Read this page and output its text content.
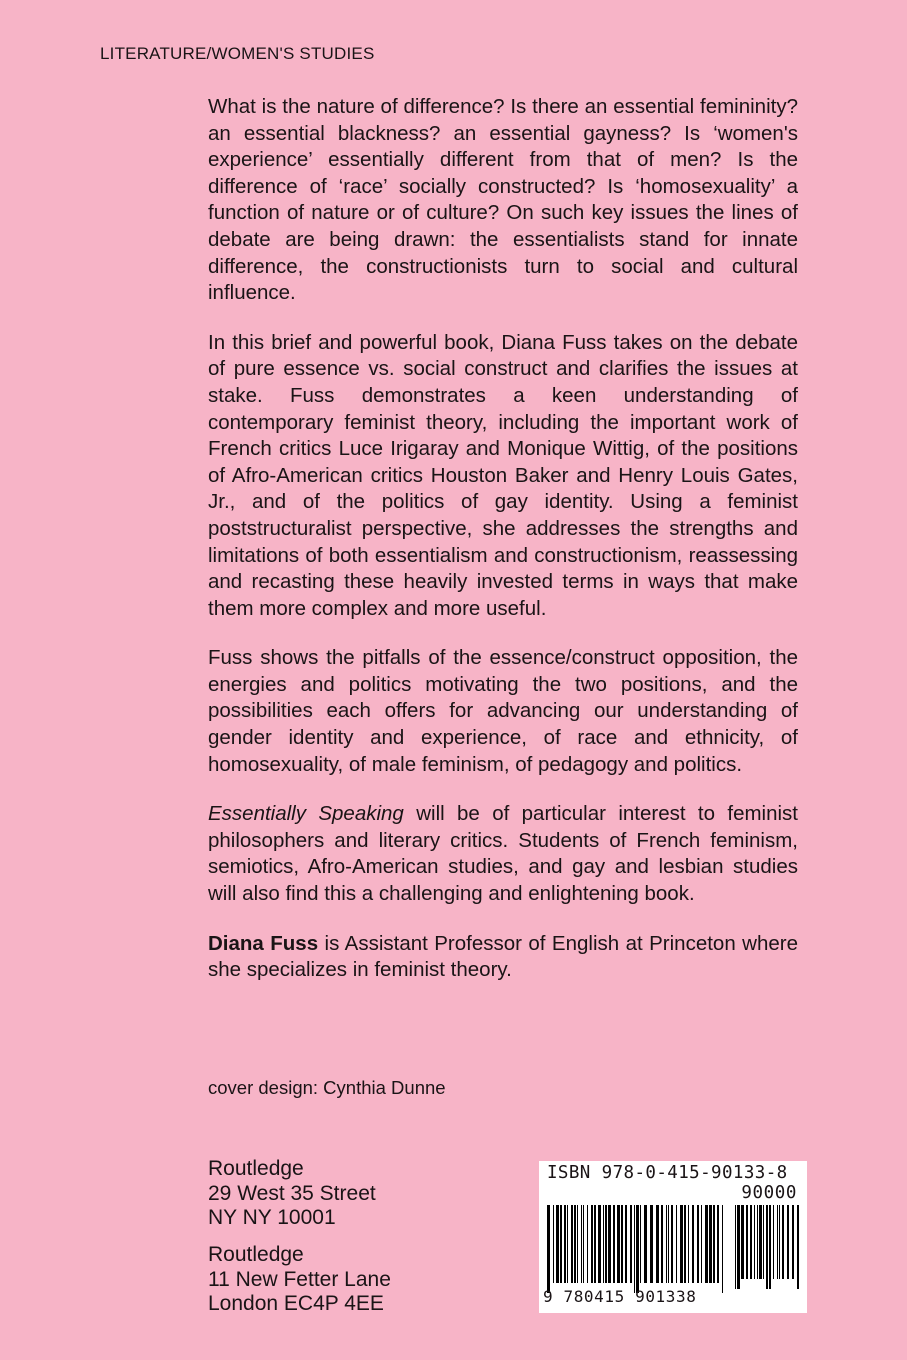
LITERATURE/WOMEN'S STUDIES

What is the nature of difference? Is there an essential femininity? an essential blackness? an essential gayness? Is ‘women's experience’ essentially different from that of men? Is the difference of ‘race’ socially constructed? Is ‘homosexuality’ a function of nature or of culture? On such key issues the lines of debate are being drawn: the essentialists stand for innate difference, the constructionists turn to social and cultural influence.

In this brief and powerful book, Diana Fuss takes on the debate of pure essence vs. social construct and clarifies the issues at stake. Fuss demonstrates a keen understanding of contemporary feminist theory, including the important work of French critics Luce Irigaray and Monique Wittig, of the positions of Afro-American critics Houston Baker and Henry Louis Gates, Jr., and of the politics of gay identity. Using a feminist poststructuralist perspective, she addresses the strengths and limitations of both essentialism and constructionism, reassessing and recasting these heavily invested terms in ways that make them more complex and more useful.

Fuss shows the pitfalls of the essence/construct opposition, the energies and politics motivating the two positions, and the possibilities each offers for advancing our understanding of gender identity and experience, of race and ethnicity, of homosexuality, of male feminism, of pedagogy and politics.

Essentially Speaking will be of particular interest to feminist philosophers and literary critics. Students of French feminism, semiotics, Afro-American studies, and gay and lesbian studies will also find this a challenging and enlightening book.

Diana Fuss is Assistant Professor of English at Princeton where she specializes in feminist theory.

cover design: Cynthia Dunne
Routledge
29 West 35 Street
NY NY 10001
Routledge
11 New Fetter Lane
London EC4P 4EE
ISBN 978-0-415-90133-8
90000
9 780415 901338
